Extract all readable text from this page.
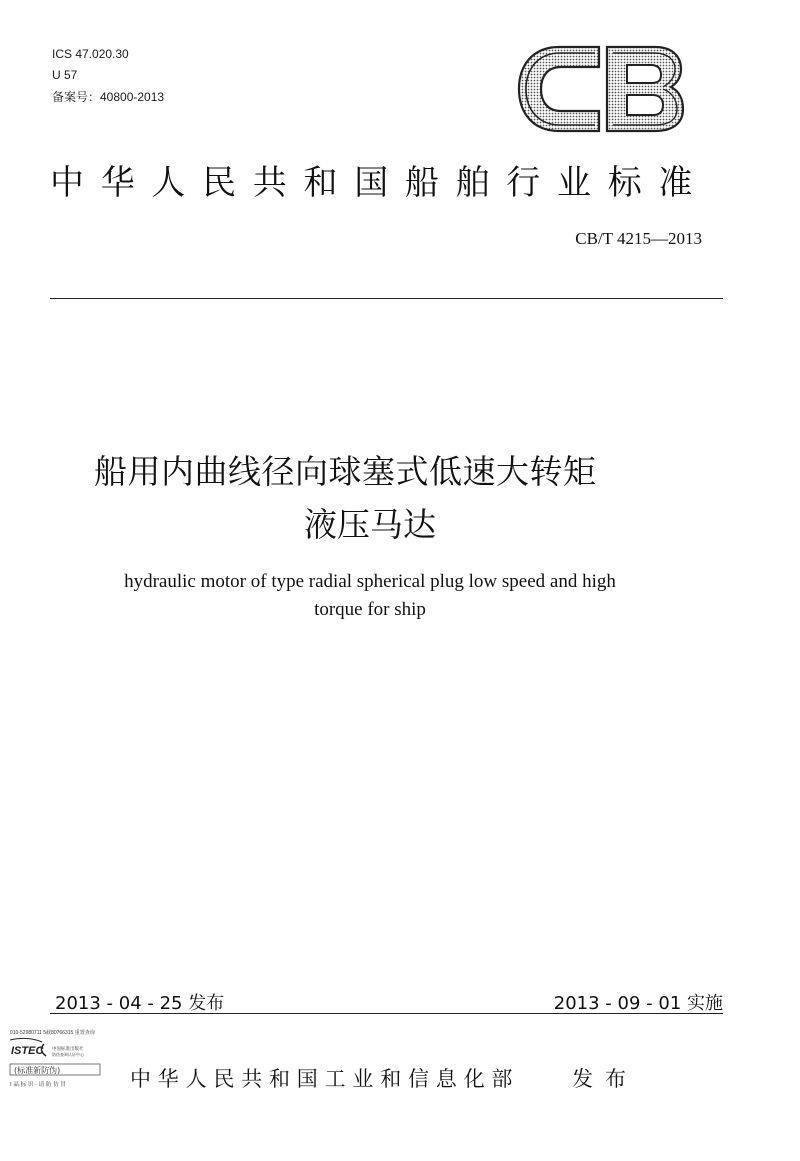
ICS 47.020.30
U 57
备案号：40800-2013
中华人民共和国船舶行业标准
CB/T 4215—2013
船用内曲线径向球塞式低速大转矩
液压马达
hydraulic motor of type radial spherical plug low speed and high
torque for ship
2013 - 04 - 25 发布	2013 - 09 - 01 实施
010-52980711 5截80766315 重置查询
ISTEC 中国标准出版社
防伪查询认证中心
(标准新防伪)
I 晶 标 识 · 请 防 仿 冒	中华人民共和国工业和信息化部	发布
